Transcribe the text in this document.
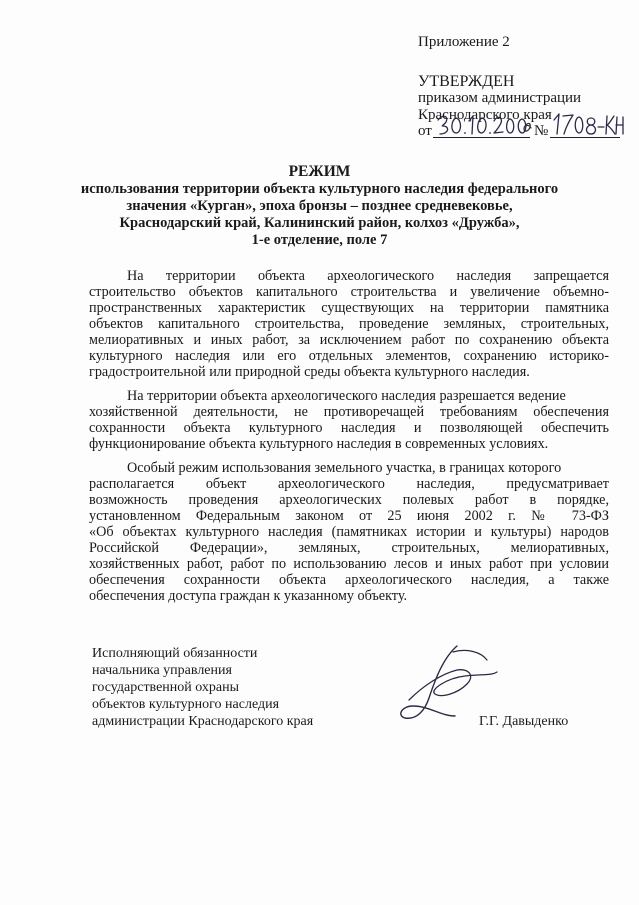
Приложение 2
УТВЕРЖДЕН
приказом администрации
Краснодарского края
от	№
РЕЖИМ
использования территории объекта культурного наследия федерального
значения «Курган», эпоха бронзы – позднее средневековье,
Краснодарский край, Калининский район, колхоз «Дружба»,
1-е отделение, поле 7
На территории объекта археологического наследия запрещается
строительство объектов капитального строительства и увеличение объемно-
пространственных характеристик существующих на территории памятника
объектов капитального строительства, проведение земляных, строительных,
мелиоративных и иных работ, за исключением работ по сохранению объекта
культурного наследия или его отдельных элементов, сохранению историко-
градостроительной или природной среды объекта культурного наследия.
На территории объекта археологического наследия разрешается ведение
хозяйственной деятельности, не противоречащей требованиям обеспечения
сохранности объекта культурного наследия и позволяющей обеспечить
функционирование объекта культурного наследия в современных условиях.
Особый режим использования земельного участка, в границах которого
располагается объект археологического наследия, предусматривает
возможность проведения археологических полевых работ в порядке,
установленном Федеральным законом от 25 июня 2002 г. № 73-ФЗ
«Об объектах культурного наследия (памятниках истории и культуры) народов
Российской Федерации», земляных, строительных, мелиоративных,
хозяйственных работ, работ по использованию лесов и иных работ при условии
обеспечения сохранности объекта археологического наследия, а также
обеспечения доступа граждан к указанному объекту.
Исполняющий обязанности
начальника управления
государственной охраны
объектов культурного наследия
администрации Краснодарского края	Г.Г. Давыденко
